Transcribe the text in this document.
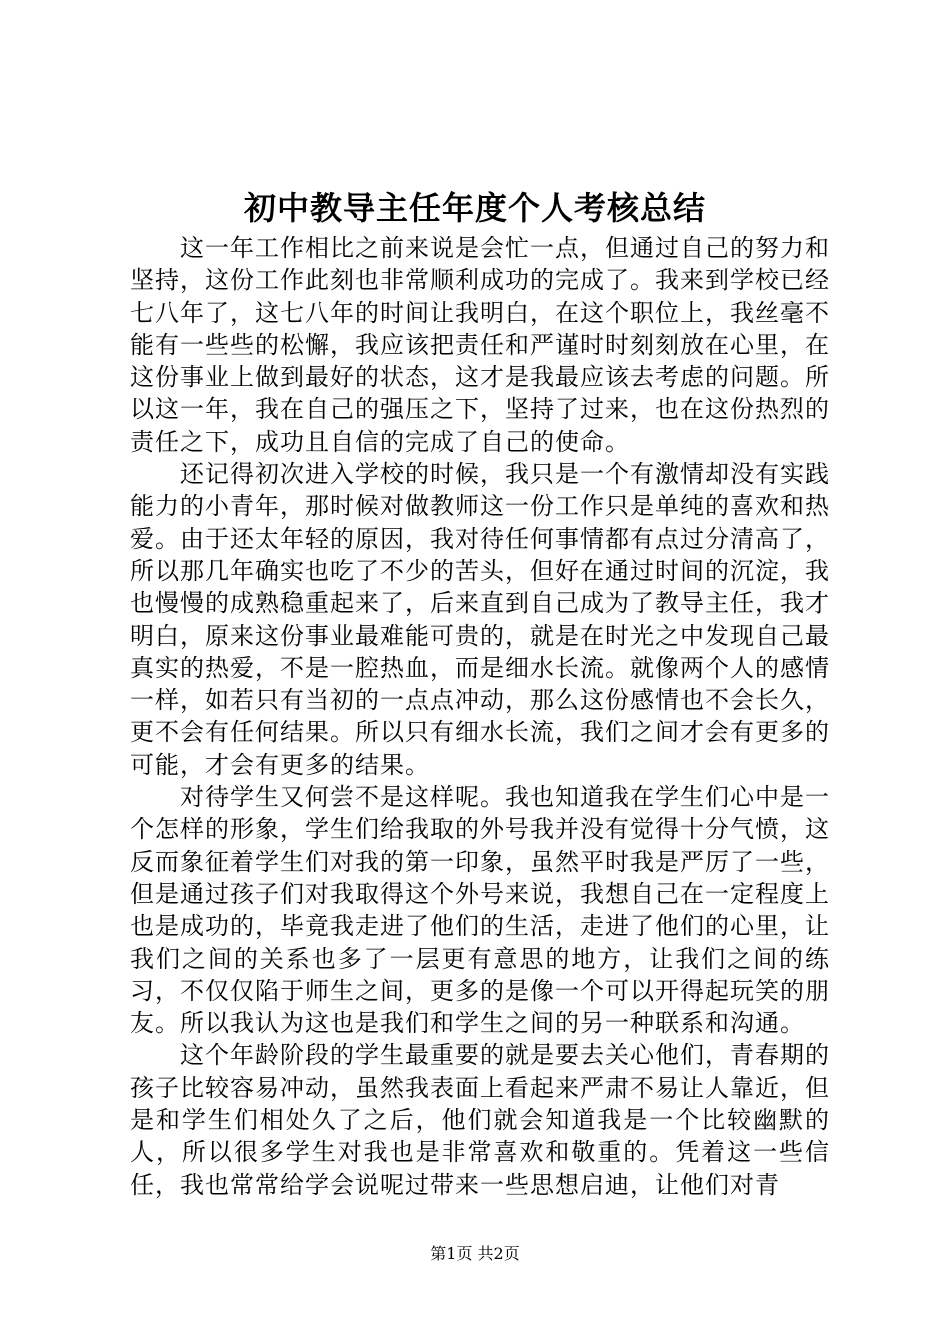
初中教导主任年度个人考核总结

这一年工作相比之前来说是会忙一点，但通过自己的努力和坚持，这份工作此刻也非常顺利成功的完成了。我来到学校已经七八年了，这七八年的时间让我明白，在这个职位上，我丝毫不能有一些些的松懈，我应该把责任和严谨时时刻刻放在心里，在这份事业上做到最好的状态，这才是我最应该去考虑的问题。所以这一年，我在自己的强压之下，坚持了过来，也在这份热烈的责任之下，成功且自信的完成了自己的使命。

还记得初次进入学校的时候，我只是一个有激情却没有实践能力的小青年，那时候对做教师这一份工作只是单纯的喜欢和热爱。由于还太年轻的原因，我对待任何事情都有点过分清高了，所以那几年确实也吃了不少的苦头，但好在通过时间的沉淀，我也慢慢的成熟稳重起来了，后来直到自己成为了教导主任，我才明白，原来这份事业最难能可贵的，就是在时光之中发现自己最真实的热爱，不是一腔热血，而是细水长流。就像两个人的感情一样，如若只有当初的一点点冲动，那么这份感情也不会长久，更不会有任何结果。所以只有细水长流，我们之间才会有更多的可能，才会有更多的结果。

对待学生又何尝不是这样呢。我也知道我在学生们心中是一个怎样的形象，学生们给我取的外号我并没有觉得十分气愤，这反而象征着学生们对我的第一印象，虽然平时我是严厉了一些，但是通过孩子们对我取得这个外号来说，我想自己在一定程度上也是成功的，毕竟我走进了他们的生活，走进了他们的心里，让我们之间的关系也多了一层更有意思的地方，让我们之间的练习，不仅仅陷于师生之间，更多的是像一个可以开得起玩笑的朋友。所以我认为这也是我们和学生之间的另一种联系和沟通。

这个年龄阶段的学生最重要的就是要去关心他们，青春期的孩子比较容易冲动，虽然我表面上看起来严肃不易让人靠近，但是和学生们相处久了之后，他们就会知道我是一个比较幽默的人，所以很多学生对我也是非常喜欢和敬重的。凭着这一些信任，我也常常给学会说呢过带来一些思想启迪，让他们对青

第1页 共2页
